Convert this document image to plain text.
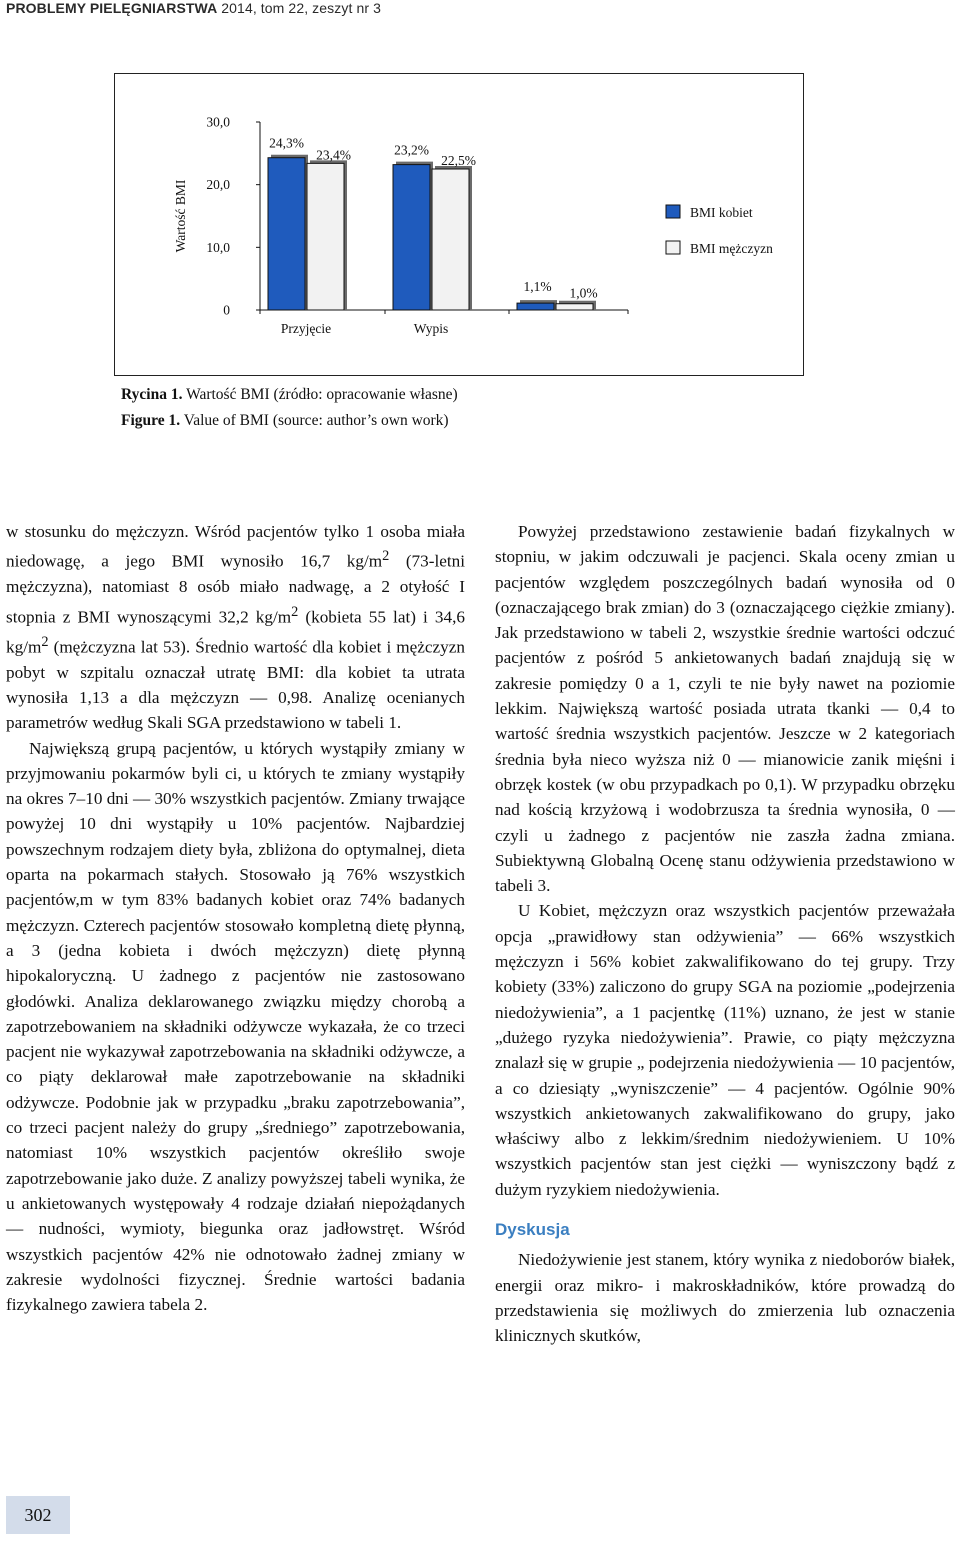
PROBLEMY PIELĘGNIARSTWA 2014, tom 22, zeszyt nr 3
30,0
20,0
10,0
0
Wartość BMI
24,3%	23,2%
1,1%
23,4%	22,5%
1,0%
Przyjęcie	Wypis
BMI kobiet
BMI mężczyzn
Rycina 1. Wartość BMI (źródło: opracowanie własne)
Figure 1. Value of BMI (source: author’s own work)

w stosunku do mężczyzn. Wśród pacjentów tylko 1 osoba miała niedowagę, a jego BMI wynosiło 16,7 $kg/m^2$ (73-letni mężczyzna), natomiast 8 osób miało nadwagę, a 2 otyłość I stopnia z BMI wynoszącymi 32,2 $kg/m^2$ (kobieta 55 lat) i 34,6 $kg/m^2$ (mężczyzna lat 53). Średnio wartość dla kobiet i mężczyzn pobyt w szpitalu oznaczał utratę BMI: dla kobiet ta utrata wynosiła 1,13 a dla mężczyzn — 0,98. Analizę ocenianych parametrów według Skali SGA przedstawiono w tabeli 1.

Największą grupą pacjentów, u których wystąpiły zmiany w przyjmowaniu pokarmów byli ci, u których te zmiany wystąpiły na okres 7–10 dni — 30% wszystkich pacjentów. Zmiany trwające powyżej 10 dni wystąpiły u 10% pacjentów. Najbardziej powszechnym rodzajem diety była, zbliżona do optymalnej, dieta oparta na pokarmach stałych. Stosowało ją 76% wszystkich pacjentów,m w tym 83% badanych kobiet oraz 74% badanych mężczyzn. Czterech pacjentów stosowało kompletną dietę płynną, a 3 (jedna kobieta i dwóch mężczyzn) dietę płynną hipokaloryczną. U żadnego z pacjentów nie zastosowano głodówki. Analiza deklarowanego związku między chorobą a zapotrzebowaniem na składniki odżywcze wykazała, że co trzeci pacjent nie wykazywał zapotrzebowania na składniki odżywcze, a co piąty deklarował małe zapotrzebowanie na składniki odżywcze. Podobnie jak w przypadku „braku zapotrzebowania”, co trzeci pacjent należy do grupy „średniego” zapotrzebowania, natomiast 10% wszystkich pacjentów określiło swoje zapotrzebowanie jako duże. Z analizy powyższej tabeli wynika, że u ankietowanych występowały 4 rodzaje działań niepożądanych — nudności, wymioty, biegunka oraz jadłowstręt. Wśród wszystkich pacjentów 42% nie odnotowało żadnej zmiany w zakresie wydolności fizycznej. Średnie wartości badania fizykalnego zawiera tabela 2.

Powyżej przedstawiono zestawienie badań fizykalnych w stopniu, w jakim odczuwali je pacjenci. Skala oceny zmian u pacjentów względem poszczególnych badań wynosiła od 0 (oznaczającego brak zmian) do 3 (oznaczającego ciężkie zmiany). Jak przedstawiono w tabeli 2, wszystkie średnie wartości odczuć pacjentów z pośród 5 ankietowanych badań znajdują się w zakresie pomiędzy 0 a 1, czyli te nie były nawet na poziomie lekkim. Największą wartość posiada utrata tkanki — 0,4 to wartość średnia wszystkich pacjentów. Jeszcze w 2 kategoriach średnia była nieco wyższa niż 0 — mianowicie zanik mięśni i obrzęk kostek (w obu przypadkach po 0,1). W przypadku obrzęku nad kością krzyżową i wodobrzusza ta średnia wynosiła, 0 — czyli u żadnego z pacjentów nie zaszła żadna zmiana. Subiektywną Globalną Ocenę stanu odżywienia przedstawiono w tabeli 3.

U Kobiet, mężczyzn oraz wszystkich pacjentów przeważała opcja „prawidłowy stan odżywienia” — 66% wszystkich mężczyzn i 56% kobiet zakwalifikowano do tej grupy. Trzy kobiety (33%) zaliczono do grupy SGA na poziomie „podejrzenia niedożywienia”, a 1 pacjentkę (11%) uznano, że jest w stanie „dużego ryzyka niedożywienia”. Prawie, co piąty mężczyzna znalazł się w grupie „ podejrzenia niedożywienia — 10 pacjentów, a co dziesiąty „wyniszczenie” — 4 pacjentów. Ogólnie 90% wszystkich ankietowanych zakwalifikowano do grupy, jako właściwy albo z lekkim/średnim niedożywieniem. U 10% wszystkich pacjentów stan jest ciężki — wyniszczony bądź z dużym ryzykiem niedożywienia.

Dyskusja

Niedożywienie jest stanem, który wynika z niedoborów białek, energii oraz mikro- i makroskładników, które prowadzą do przedstawienia się możliwych do zmierzenia lub oznaczenia klinicznych skutków,

302
